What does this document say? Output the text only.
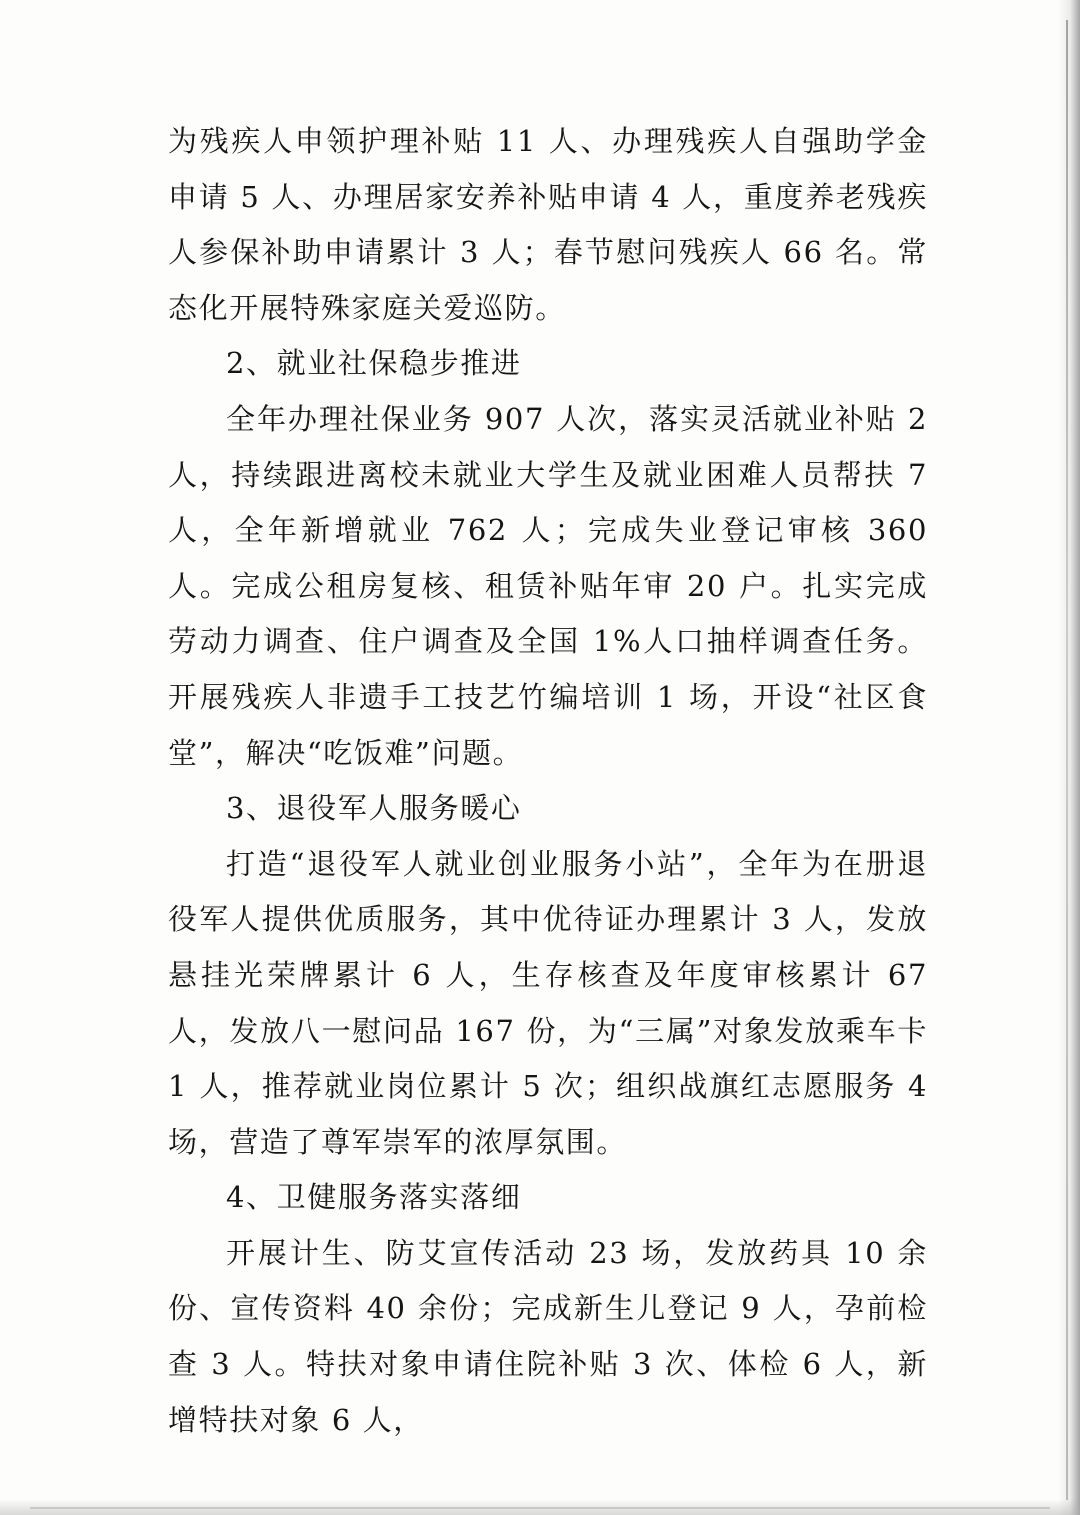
为残疾人申领护理补贴 11 人、办理残疾人自强助学金申请 5 人、办理居家安养补贴申请 4 人，重度养老残疾人参保补助申请累计 3 人；春节慰问残疾人 66 名。常态化开展特殊家庭关爱巡防。

2、就业社保稳步推进

全年办理社保业务 907 人次，落实灵活就业补贴 2 人，持续跟进离校未就业大学生及就业困难人员帮扶 7 人，全年新增就业 762 人；完成失业登记审核 360 人。完成公租房复核、租赁补贴年审 20 户。扎实完成劳动力调查、住户调查及全国 1%人口抽样调查任务。开展残疾人非遗手工技艺竹编培训 1 场，开设“社区食堂”，解决“吃饭难”问题。

3、退役军人服务暖心

打造“退役军人就业创业服务小站”，全年为在册退役军人提供优质服务，其中优待证办理累计 3 人，发放悬挂光荣牌累计 6 人，生存核查及年度审核累计 67 人，发放八一慰问品 167 份，为“三属”对象发放乘车卡 1 人，推荐就业岗位累计 5 次；组织战旗红志愿服务 4 场，营造了尊军崇军的浓厚氛围。

4、卫健服务落实落细

开展计生、防艾宣传活动 23 场，发放药具 10 余份、宣传资料 40 余份；完成新生儿登记 9 人，孕前检查 3 人。特扶对象申请住院补贴 3 次、体检 6 人，新增特扶对象 6 人，
